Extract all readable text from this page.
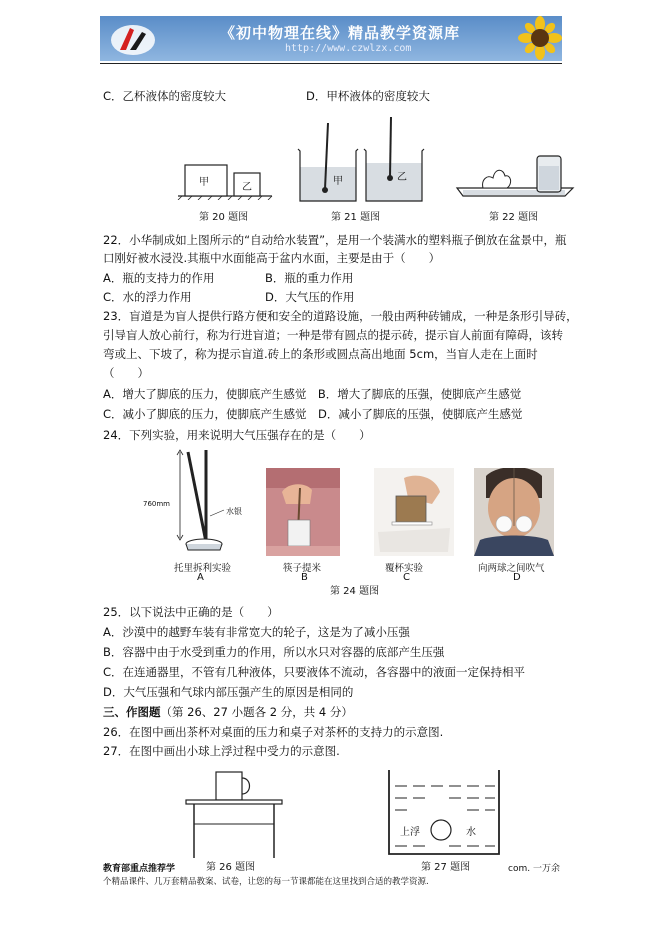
《初中物理在线》精品教学资源库
http://www.czwlzx.com
C．乙杯液体的密度较大	D．甲杯液体的密度较大
甲	乙
第 20 题图
甲	乙
第 21 题图	第 22 题图
22．小华制成如上图所示的“自动给水装置”，是用一个装满水的塑料瓶子倒放在盆景中，瓶
口刚好被水浸没.其瓶中水面能高于盆内水面，主要是由于（　　）
A．瓶的支持力的作用	B．瓶的重力作用
C．水的浮力作用	D．大气压的作用
23．盲道是为盲人提供行路方便和安全的道路设施，一般由两种砖铺成，一种是条形引导砖，
引导盲人放心前行，称为行进盲道；一种是带有圆点的提示砖，提示盲人前面有障碍，该转
弯或上、下坡了，称为提示盲道.砖上的条形或圆点高出地面 5cm，当盲人走在上面时
（　　）
A．增大了脚底的压力，使脚底产生感觉　B．增大了脚底的压强，使脚底产生感觉
C．减小了脚底的压力，使脚底产生感觉　D．减小了脚底的压强，使脚底产生感觉
24．下列实验，用来说明大气压强存在的是（　　）
760mm
水银
托里拆利实验	筷子提米	覆杯实验	向两球之间吹气
A	B	C	D
第 24 题图
25．以下说法中正确的是（　　）
A．沙漠中的越野车装有非常宽大的轮子，这是为了减小压强
B．容器中由于水受到重力的作用，所以水只对容器的底部产生压强
C．在连通器里，不管有几种液体，只要液体不流动，各容器中的液面一定保持相平
D．大气压强和气球内部压强产生的原因是相同的
三、作图题（第 26、27 小题各 2 分，共 4 分）
26．在图中画出茶杯对桌面的压力和桌子对茶杯的支持力的示意图.
27．在图中画出小球上浮过程中受力的示意图.
第 26 题图
上浮	水
第 27 题图
教育部重点推荐学	com. 一万余
个精品课件、几万套精品教案、试卷，让您的每一节课都能在这里找到合适的教学资源.
